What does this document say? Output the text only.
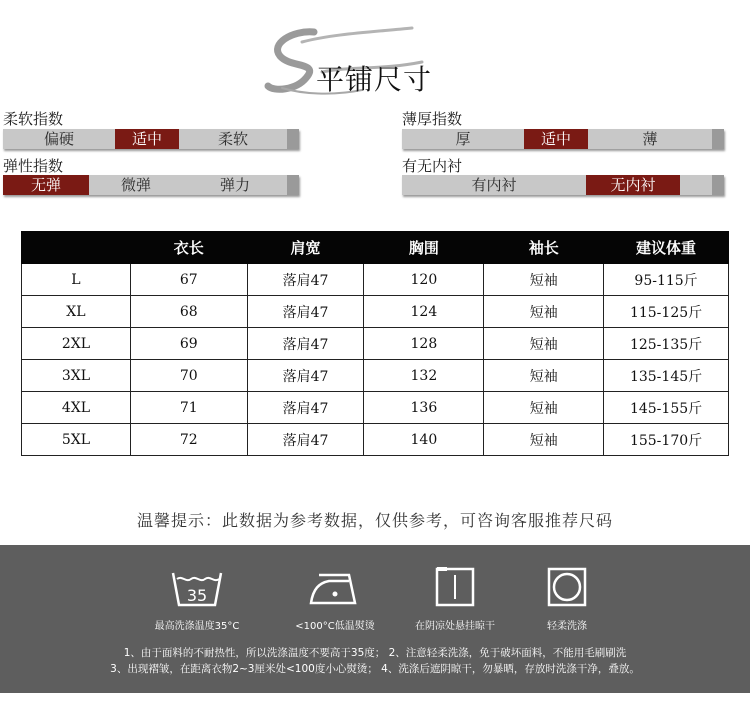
平铺尺寸
柔软指数
偏硬	适中	柔软
薄厚指数
厚	适中	薄
弹性指数
无弹	微弹	弹力
有无内衬
有内衬	无内衬
	衣长	肩宽	胸围	袖长	建议体重
L	67	落肩47	120	短袖	95-115斤
XL	68	落肩47	124	短袖	115-125斤
2XL	69	落肩47	128	短袖	125-135斤
3XL	70	落肩47	132	短袖	135-145斤
4XL	71	落肩47	136	短袖	145-155斤
5XL	72	落肩47	140	短袖	155-170斤
温馨提示：此数据为参考数据，仅供参考，可咨询客服推荐尺码
35
最高洗涤温度35°C	<100°C低温熨烫	在阴凉处悬挂晾干	轻柔洗涤
1、由于面料的不耐热性，所以洗涤温度不要高于35度； 2、注意轻柔洗涤，免于破坏面料，不能用毛刷刷洗
3、出现褶皱，在距离衣物2~3厘米处<100度小心熨烫； 4、洗涤后遮阴晾干，勿暴晒，存放时洗涤干净，叠放。
